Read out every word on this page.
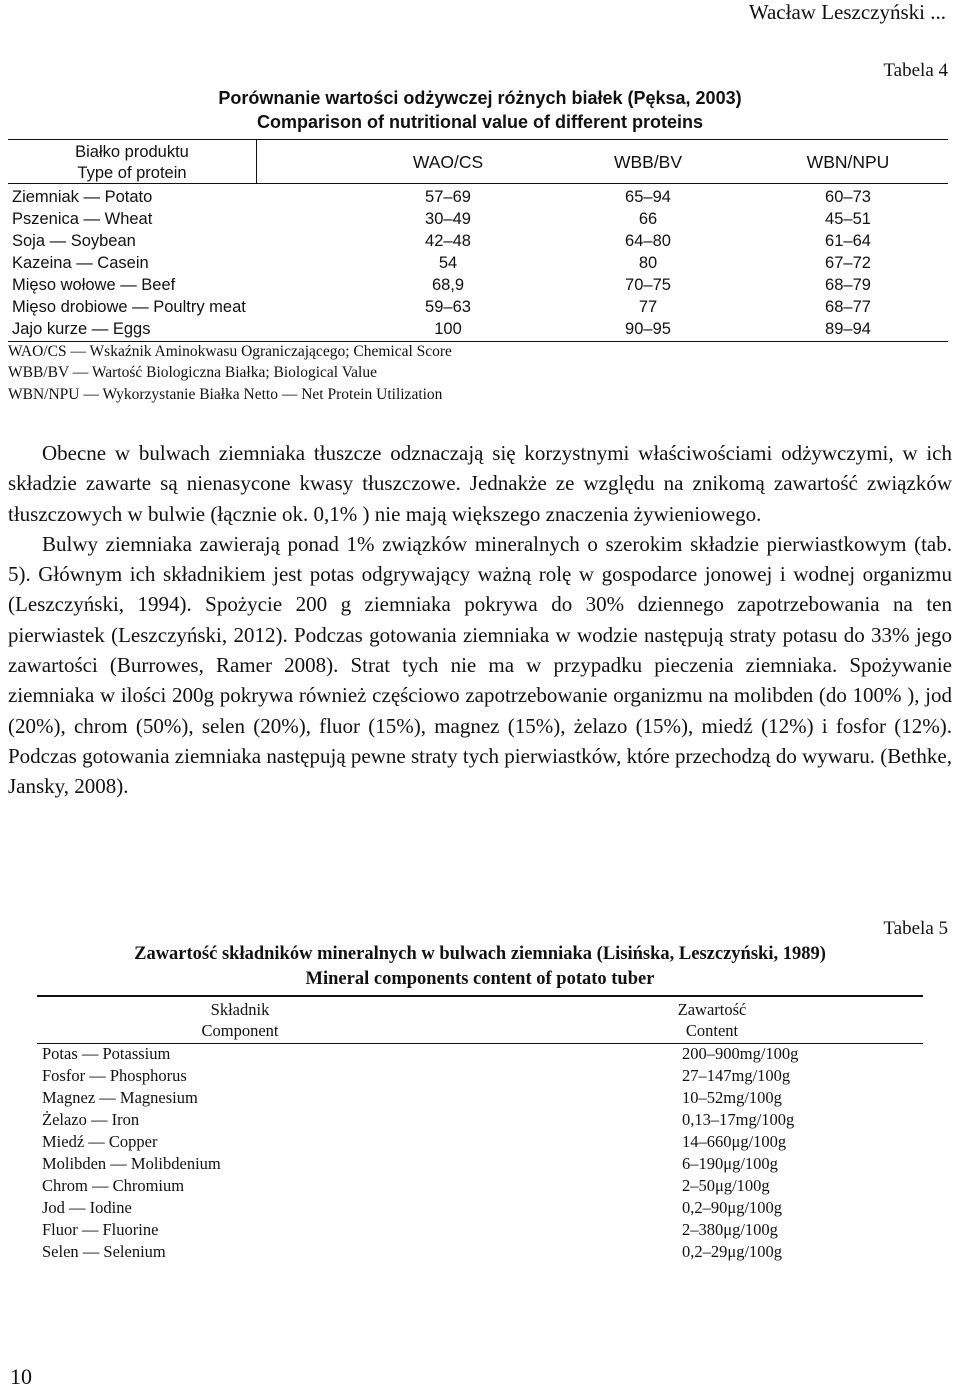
Wacław Leszczyński ...
Tabela 4
Porównanie wartości odżywczej różnych białek (Pęksa, 2003)
Comparison of nutritional value of different proteins
Białko produktu
Type of protein
WAO/CS	WBB/BV	WBN/NPU
Ziemniak — Potato	57–69	65–94	60–73
Pszenica — Wheat	30–49	66	45–51
Soja — Soybean	42–48	64–80	61–64
Kazeina — Casein	54	80	67–72
Mięso wołowe — Beef	68,9	70–75	68–79
Mięso drobiowe — Poultry meat	59–63	77	68–77
Jajo kurze — Eggs	100	90–95	89–94
WAO/CS — Wskaźnik Aminokwasu Ograniczającego; Chemical Score
WBB/BV — Wartość Biologiczna Białka; Biological Value
WBN/NPU — Wykorzystanie Białka Netto — Net Protein Utilization

Obecne w bulwach ziemniaka tłuszcze odznaczają się korzystnymi właściwościami odżywczymi, w ich składzie zawarte są nienasycone kwasy tłuszczowe. Jednakże ze względu na znikomą zawartość związków tłuszczowych w bulwie (łącznie ok. 0,1% ) nie mają większego znaczenia żywieniowego.

Bulwy ziemniaka zawierają ponad 1% związków mineralnych o szerokim składzie pierwiastkowym (tab. 5). Głównym ich składnikiem jest potas odgrywający ważną rolę w gospodarce jonowej i wodnej organizmu (Leszczyński, 1994). Spożycie 200 g ziemniaka pokrywa do 30% dziennego zapotrzebowania na ten pierwiastek (Leszczyński, 2012). Podczas gotowania ziemniaka w wodzie następują straty potasu do 33% jego zawartości (Burrowes, Ramer 2008). Strat tych nie ma w przypadku pieczenia ziemniaka. Spożywanie ziemniaka w ilości 200g pokrywa również częściowo zapotrzebowanie organizmu na molibden (do 100% ), jod (20%), chrom (50%), selen (20%), fluor (15%), magnez (15%), żelazo (15%), miedź (12%) i fosfor (12%). Podczas gotowania ziemniaka następują pewne straty tych pierwiastków, które przechodzą do wywaru. (Bethke, Jansky, 2008).

Tabela 5
Zawartość składników mineralnych w bulwach ziemniaka (Lisińska, Leszczyński, 1989)
Mineral components content of potato tuber
Składnik
Component
Zawartość
Content
Potas — Potassium	200–900mg/100g
Fosfor — Phosphorus	27–147mg/100g
Magnez — Magnesium	10–52mg/100g
Żelazo — Iron	0,13–17mg/100g
Miedź — Copper	14–660μg/100g
Molibden — Molibdenium	6–190μg/100g
Chrom — Chromium	2–50μg/100g
Jod — Iodine	0,2–90μg/100g
Fluor — Fluorine	2–380μg/100g
Selen — Selenium	0,2–29μg/100g
10
